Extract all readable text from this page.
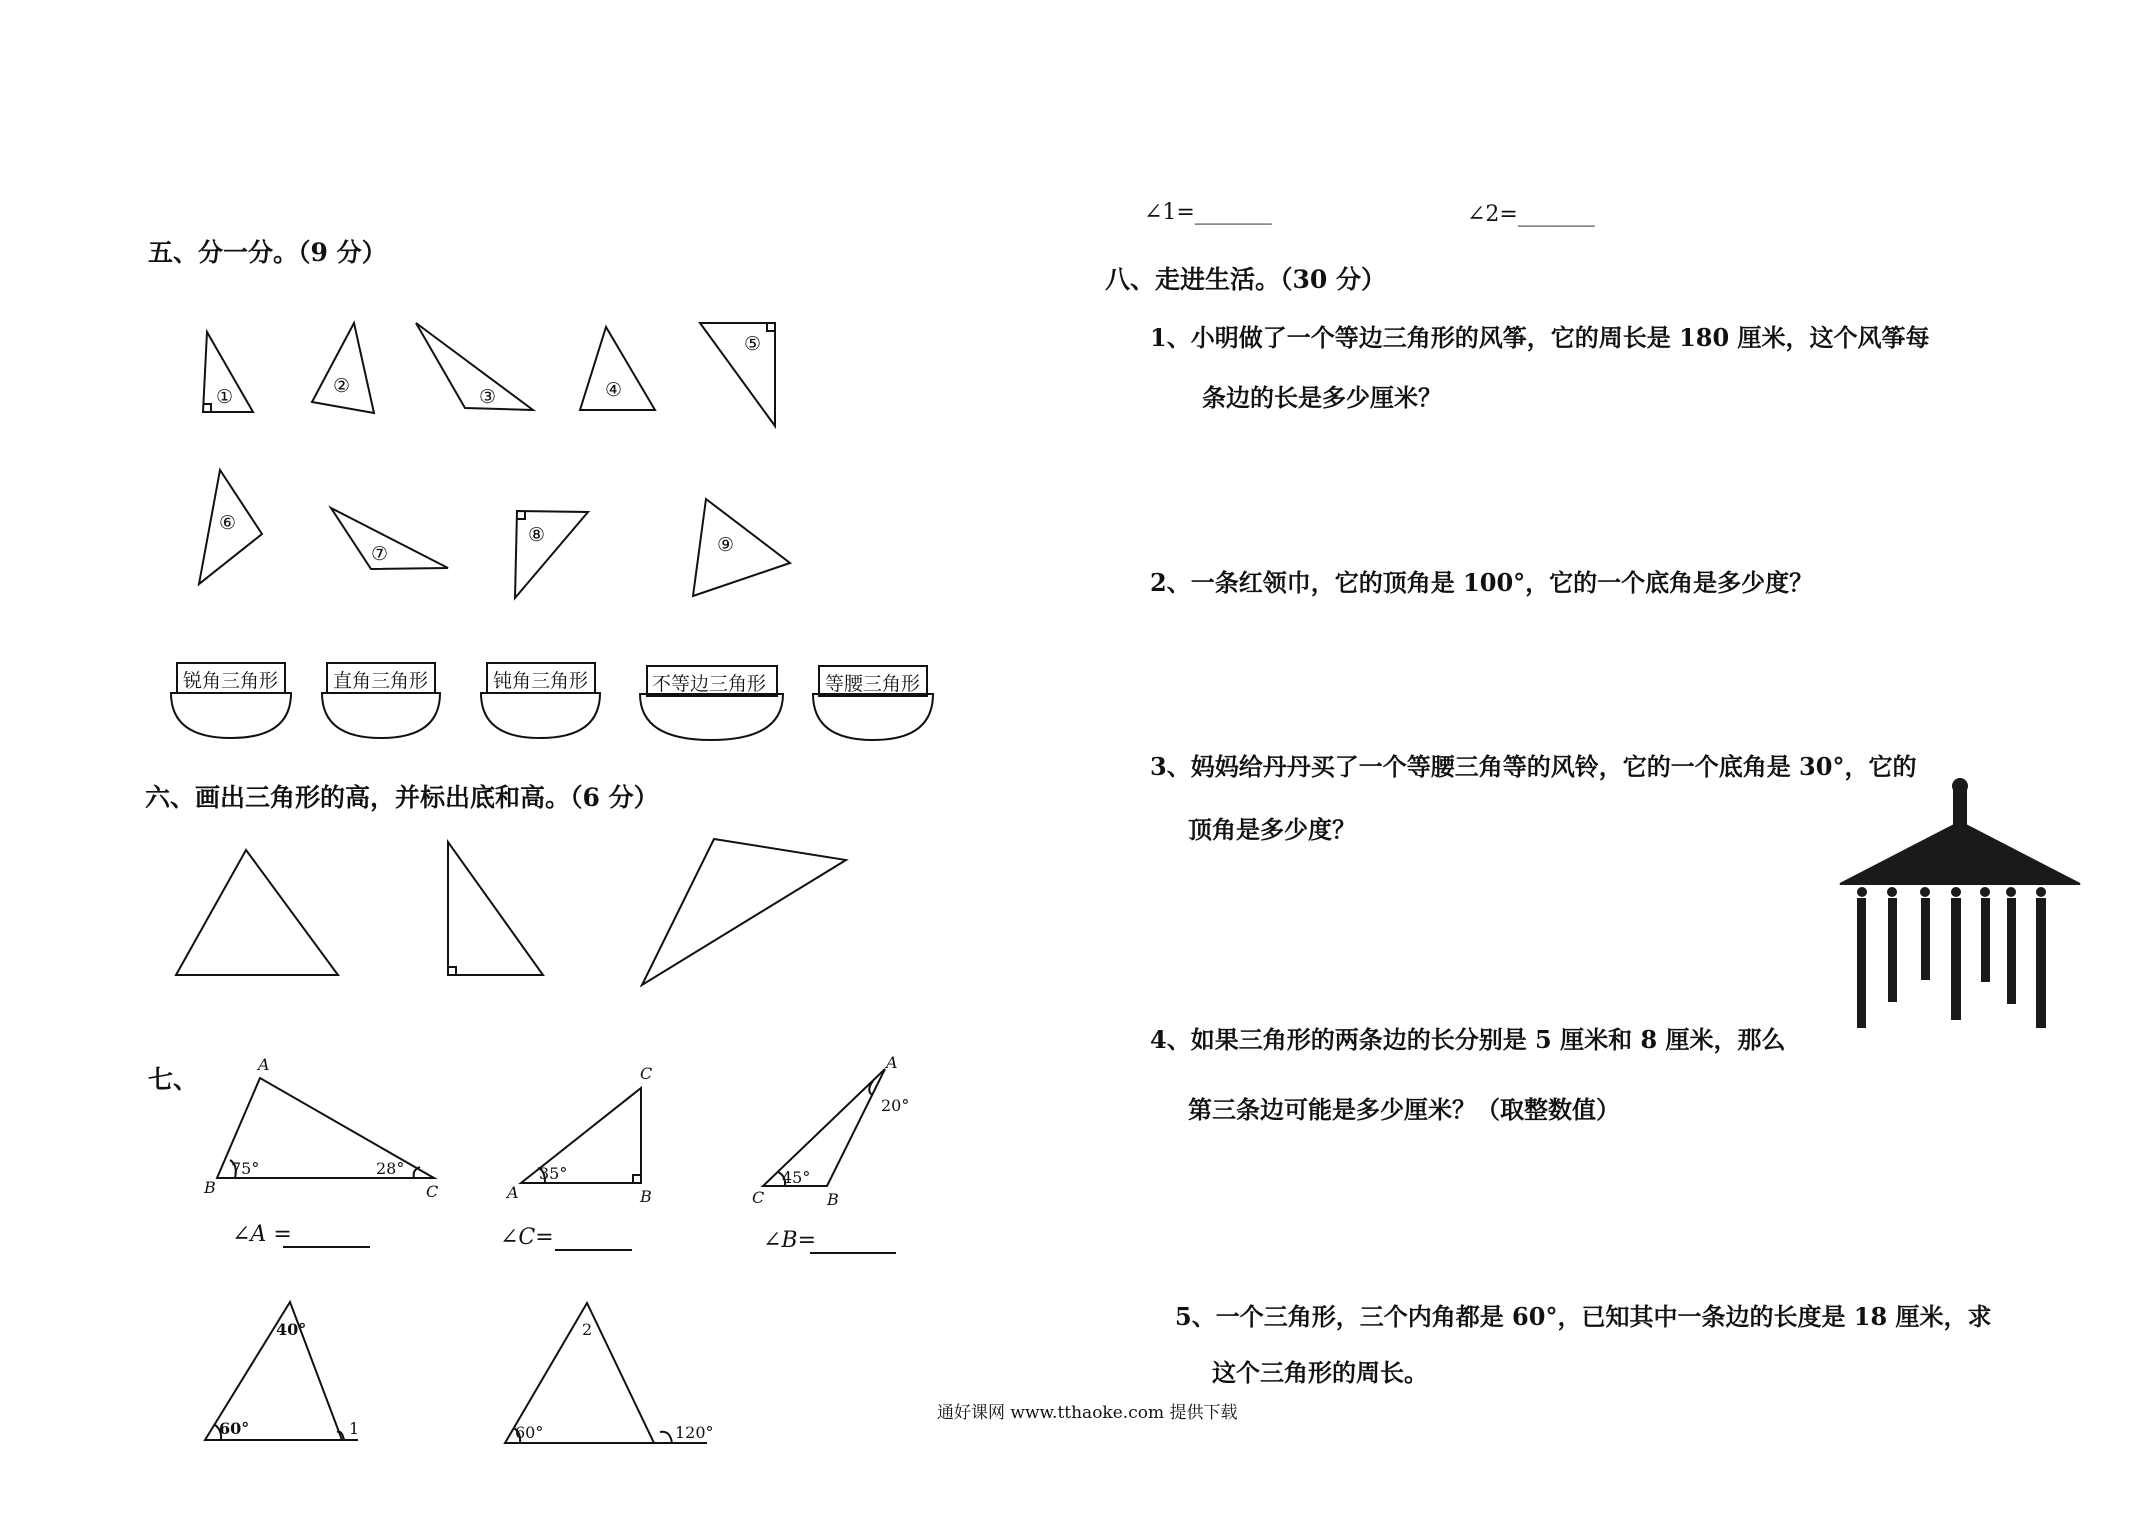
五、分一分。（9 分）
①	②	③	④
⑤
⑥
⑦
⑧	⑨
锐角三角形	直角三角形	钝角三角形	不等边三角形	等腰三角形
六、画出三角形的高，并标出底和高。（6 分）
七、
A
B	C
75°	28°
∠A =
C
A	B
35°
∠C=
A
C	B
20°
45°
∠B=
40°
60°	1
2
60°	120°
∠1=_______	∠2=_______
八、走进生活。（30 分）
1、小明做了一个等边三角形的风筝，它的周长是 180 厘米，这个风筝每
条边的长是多少厘米？
2、一条红领巾，它的顶角是 100°，它的一个底角是多少度？
3、妈妈给丹丹买了一个等腰三角等的风铃，它的一个底角是 30°，它的
顶角是多少度？
4、如果三角形的两条边的长分别是 5 厘米和 8 厘米，那么
第三条边可能是多少厘米？（取整数值）
5、一个三角形，三个内角都是 60°，已知其中一条边的长度是 18 厘米，求
这个三角形的周长。
通好课网 www.tthaoke.com 提供下载
